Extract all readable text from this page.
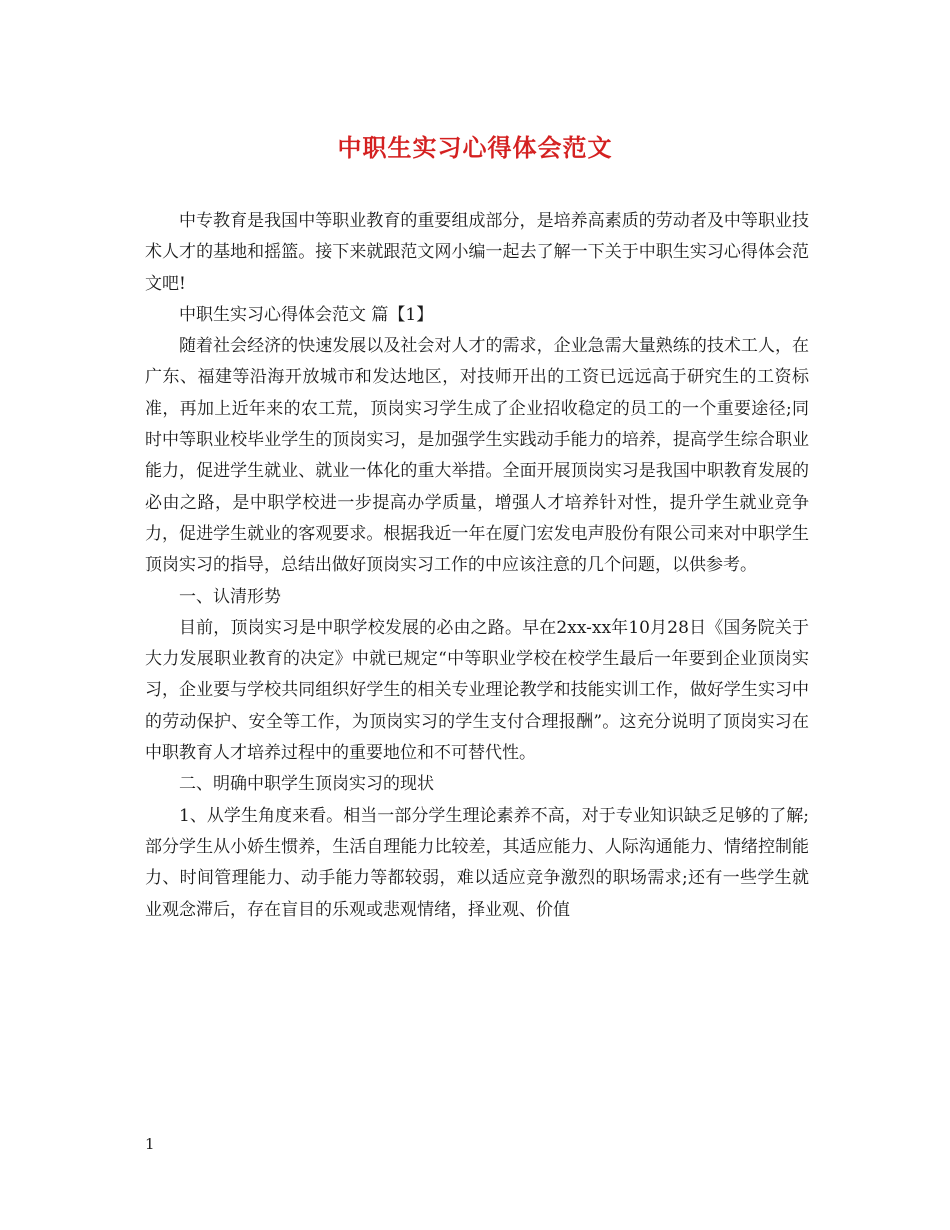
中职生实习心得体会范文

中专教育是我国中等职业教育的重要组成部分，是培养高素质的劳动者及中等职业技术人才的基地和摇篮。接下来就跟范文网小编一起去了解一下关于中职生实习心得体会范文吧!

中职生实习心得体会范文 篇【1】

随着社会经济的快速发展以及社会对人才的需求，企业急需大量熟练的技术工人，在广东、福建等沿海开放城市和发达地区，对技师开出的工资已远远高于研究生的工资标准，再加上近年来的农工荒，顶岗实习学生成了企业招收稳定的员工的一个重要途径;同时中等职业校毕业学生的顶岗实习，是加强学生实践动手能力的培养，提高学生综合职业能力，促进学生就业、就业一体化的重大举措。全面开展顶岗实习是我国中职教育发展的必由之路，是中职学校进一步提高办学质量，增强人才培养针对性，提升学生就业竞争力，促进学生就业的客观要求。根据我近一年在厦门宏发电声股份有限公司来对中职学生顶岗实习的指导，总结出做好顶岗实习工作的中应该注意的几个问题，以供参考。

一、认清形势

目前，顶岗实习是中职学校发展的必由之路。早在2xx-xx年10月28日《国务院关于大力发展职业教育的决定》中就已规定“中等职业学校在校学生最后一年要到企业顶岗实习，企业要与学校共同组织好学生的相关专业理论教学和技能实训工作，做好学生实习中的劳动保护、安全等工作，为顶岗实习的学生支付合理报酬”。这充分说明了顶岗实习在中职教育人才培养过程中的重要地位和不可替代性。

二、明确中职学生顶岗实习的现状

1、从学生角度来看。相当一部分学生理论素养不高，对于专业知识缺乏足够的了解;部分学生从小娇生惯养，生活自理能力比较差，其适应能力、人际沟通能力、情绪控制能力、时间管理能力、动手能力等都较弱，难以适应竞争激烈的职场需求;还有一些学生就业观念滞后，存在盲目的乐观或悲观情绪，择业观、价值

1
